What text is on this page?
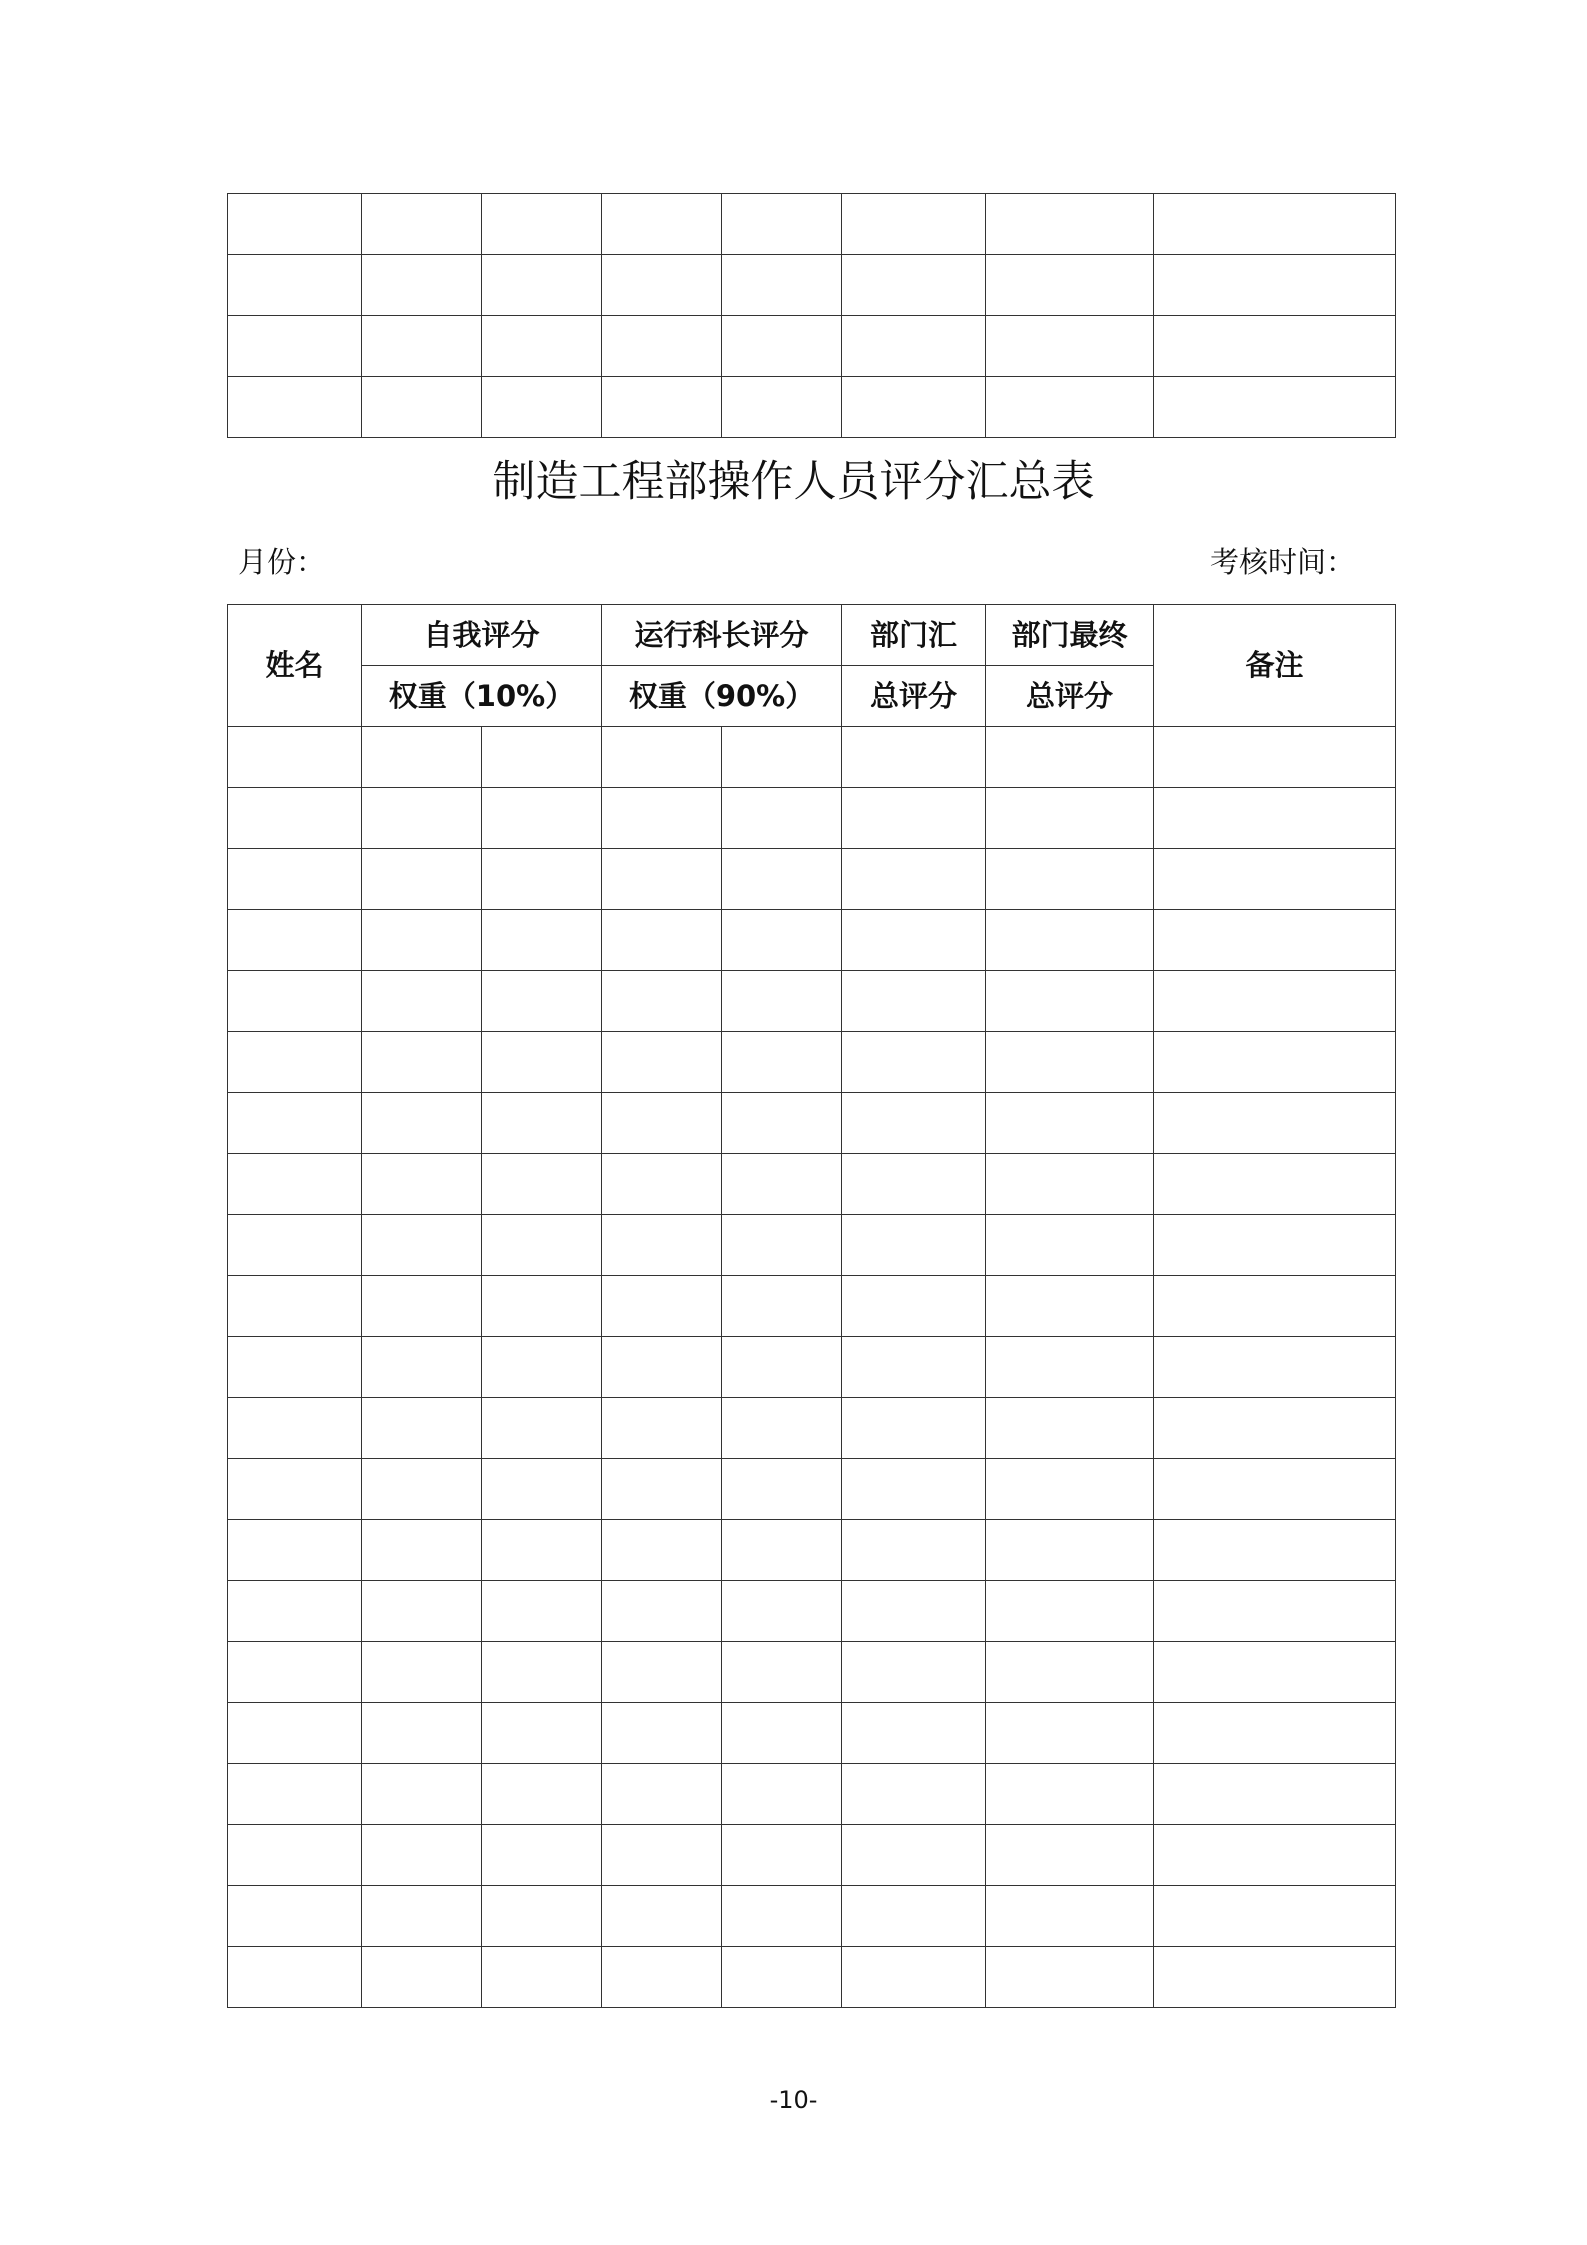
制造工程部操作人员评分汇总表
月份：	考核时间：
姓名	自我评分		运行科长评分		部门汇	部门最终	备注
	权重（10%）		权重（90%）		总评分	总评分	

-10-
